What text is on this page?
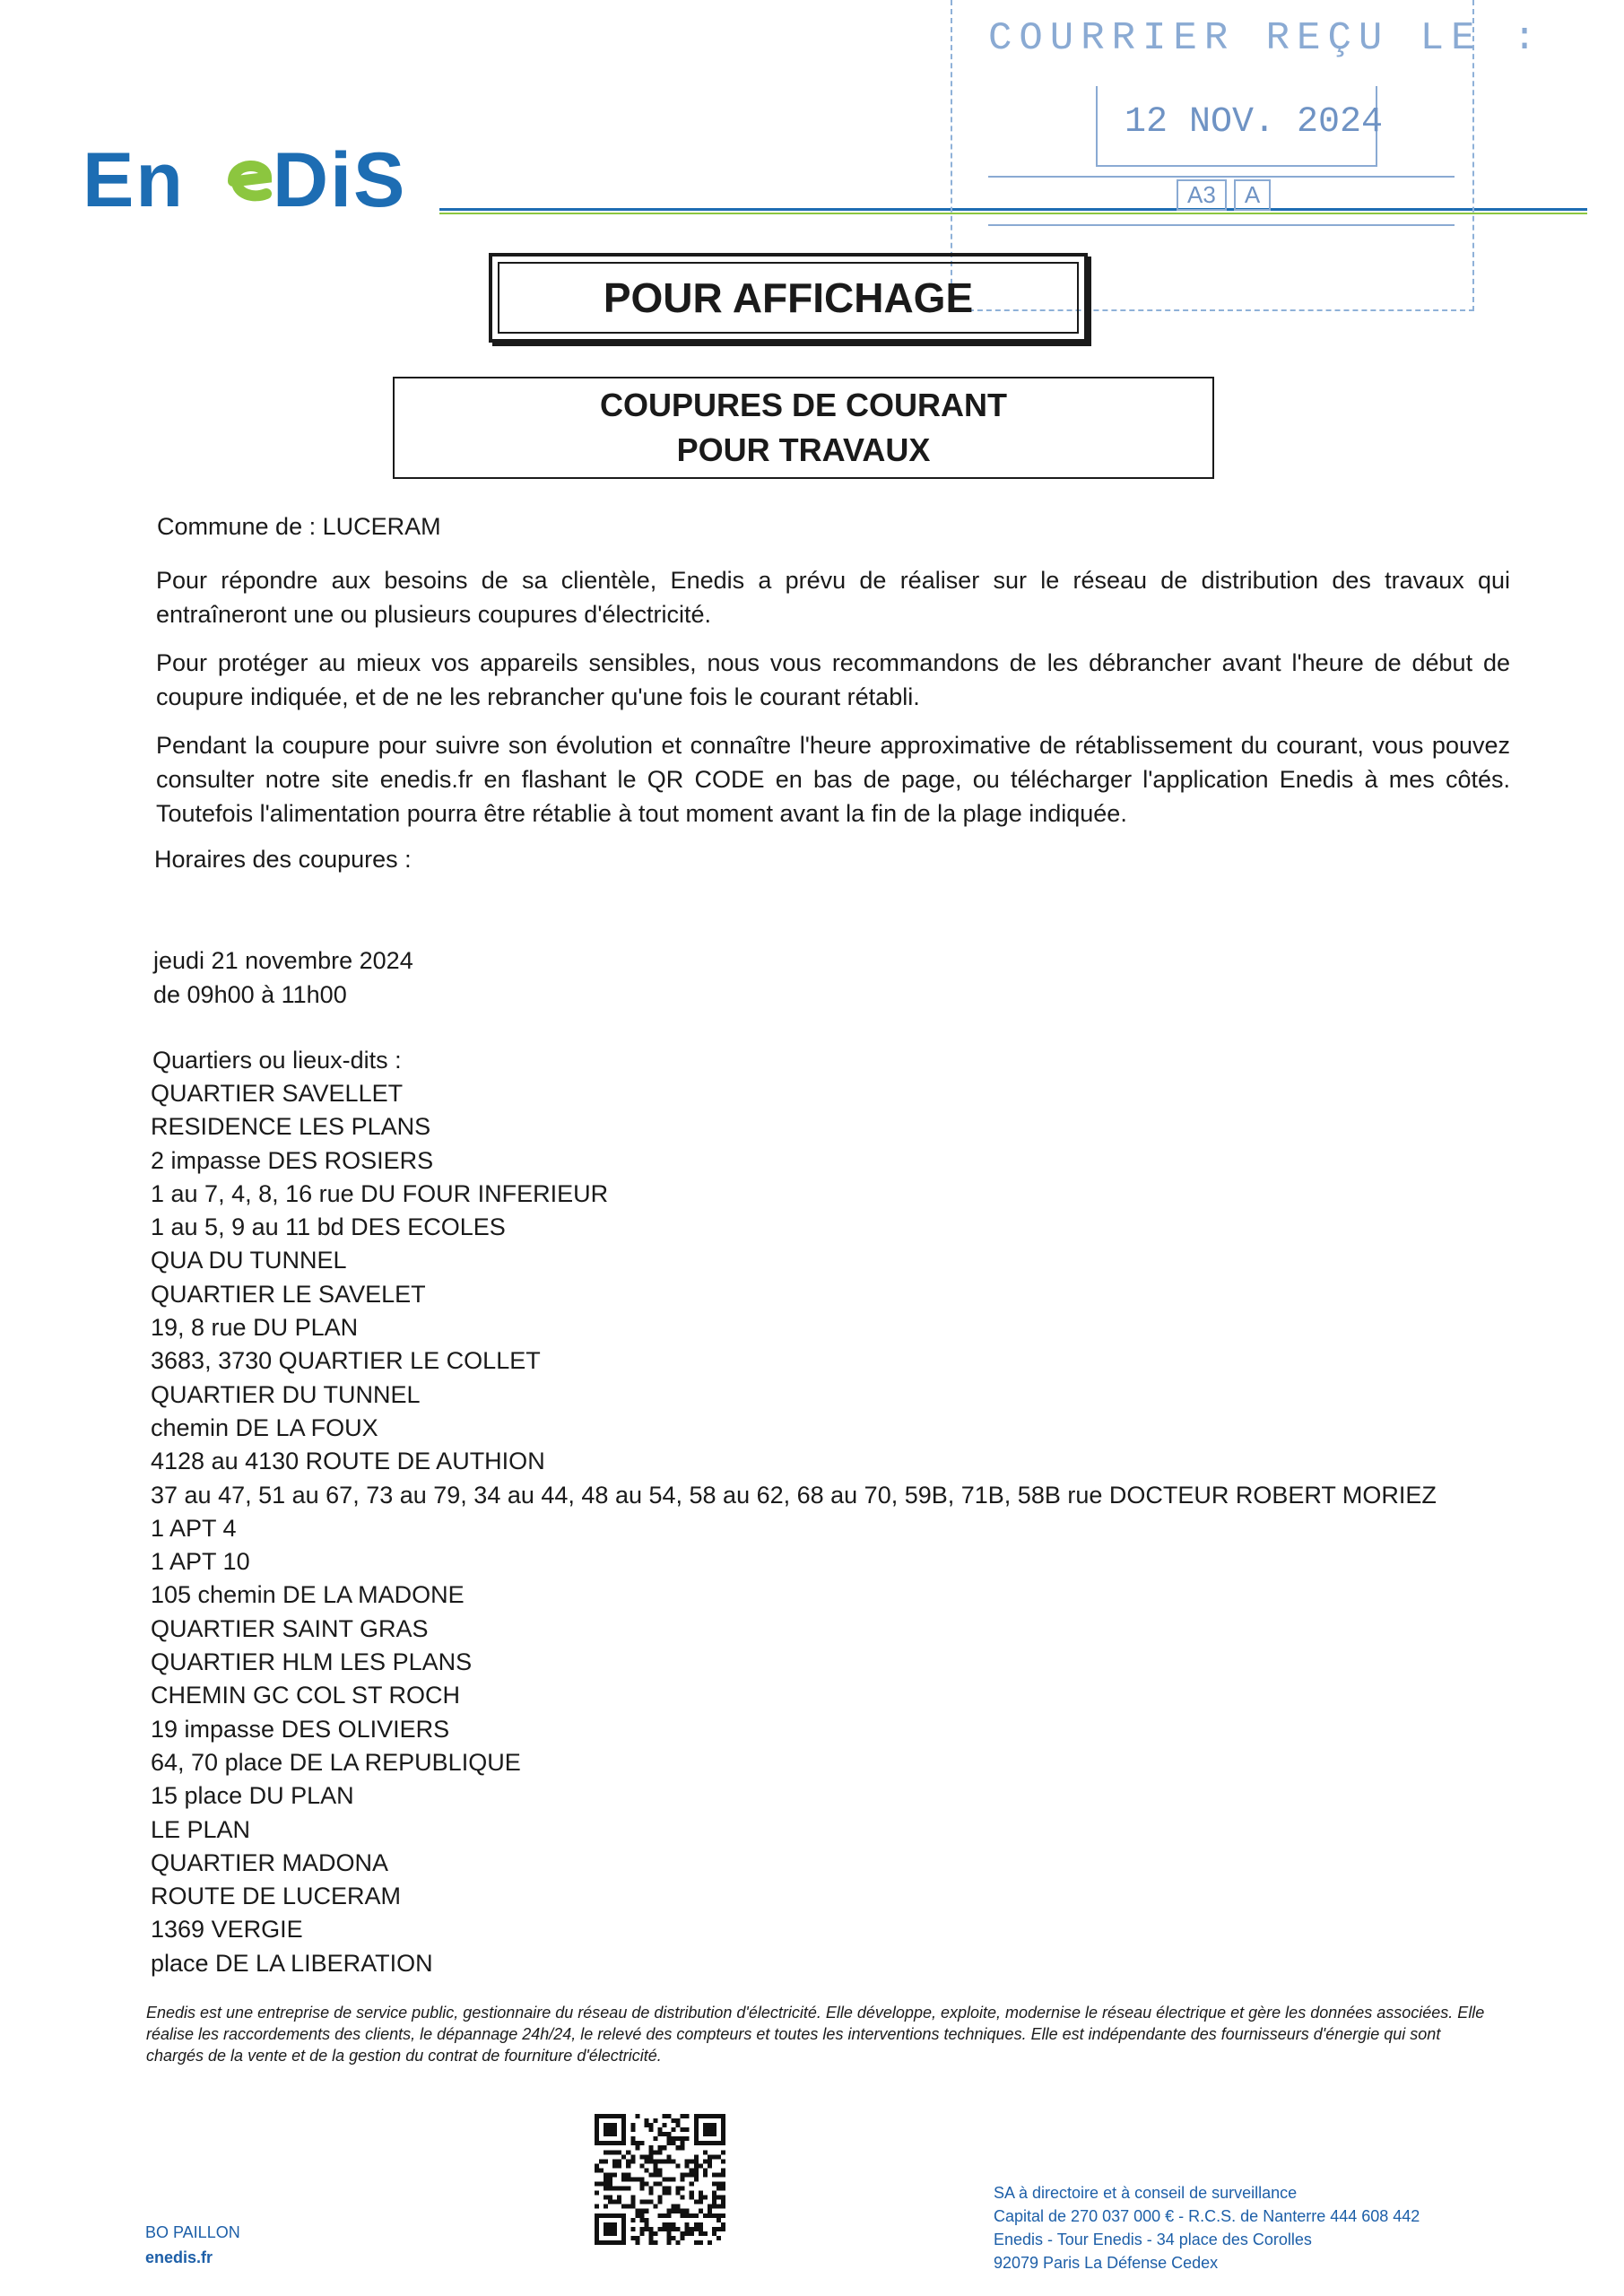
En DiS
COURRIER REÇU LE :
12 NOV. 2024
A3 A
POUR AFFICHAGE
COUPURES DE COURANT
POUR TRAVAUX
Commune de : LUCERAM
Pour répondre aux besoins de sa clientèle, Enedis a prévu de réaliser sur le réseau de distribution des travaux qui entraîneront une ou plusieurs coupures d'électricité.
Pour protéger au mieux vos appareils sensibles, nous vous recommandons de les débrancher avant l'heure de début de coupure indiquée, et de ne les rebrancher qu'une fois le courant rétabli.
Pendant la coupure pour suivre son évolution et connaître l'heure approximative de rétablissement du courant, vous pouvez consulter notre site enedis.fr en flashant le QR CODE en bas de page, ou télécharger l'application Enedis à mes côtés. Toutefois l'alimentation pourra être rétablie à tout moment avant la fin de la plage indiquée.
Horaires des coupures :
jeudi 21 novembre 2024
de 09h00 à 11h00
Quartiers ou lieux-dits :
QUARTIER SAVELLET
RESIDENCE LES PLANS
2 impasse DES ROSIERS
1 au 7, 4, 8, 16 rue DU FOUR INFERIEUR
1 au 5, 9 au 11 bd DES ECOLES
QUA DU TUNNEL
QUARTIER LE SAVELET
19, 8 rue DU PLAN
3683, 3730 QUARTIER LE COLLET
QUARTIER DU TUNNEL
chemin DE LA FOUX
4128 au 4130 ROUTE DE AUTHION
37 au 47, 51 au 67, 73 au 79, 34 au 44, 48 au 54, 58 au 62, 68 au 70, 59B, 71B, 58B rue DOCTEUR ROBERT MORIEZ
1 APT 4
1 APT 10
105 chemin DE LA MADONE
QUARTIER SAINT GRAS
QUARTIER HLM LES PLANS
CHEMIN GC COL ST ROCH
19 impasse DES OLIVIERS
64, 70 place DE LA REPUBLIQUE
15 place DU PLAN
LE PLAN
QUARTIER MADONA
ROUTE DE LUCERAM
1369 VERGIE
place DE LA LIBERATION
Enedis est une entreprise de service public, gestionnaire du réseau de distribution d'électricité. Elle développe, exploite, modernise le réseau électrique et gère les données associées. Elle réalise les raccordements des clients, le dépannage 24h/24, le relevé des compteurs et toutes les interventions techniques. Elle est indépendante des fournisseurs d'énergie qui sont chargés de la vente et de la gestion du contrat de fourniture d'électricité.
BO PAILLON
enedis.fr
SA à directoire et à conseil de surveillance
Capital de 270 037 000 € - R.C.S. de Nanterre 444 608 442
Enedis - Tour Enedis - 34 place des Corolles
92079 Paris La Défense Cedex
